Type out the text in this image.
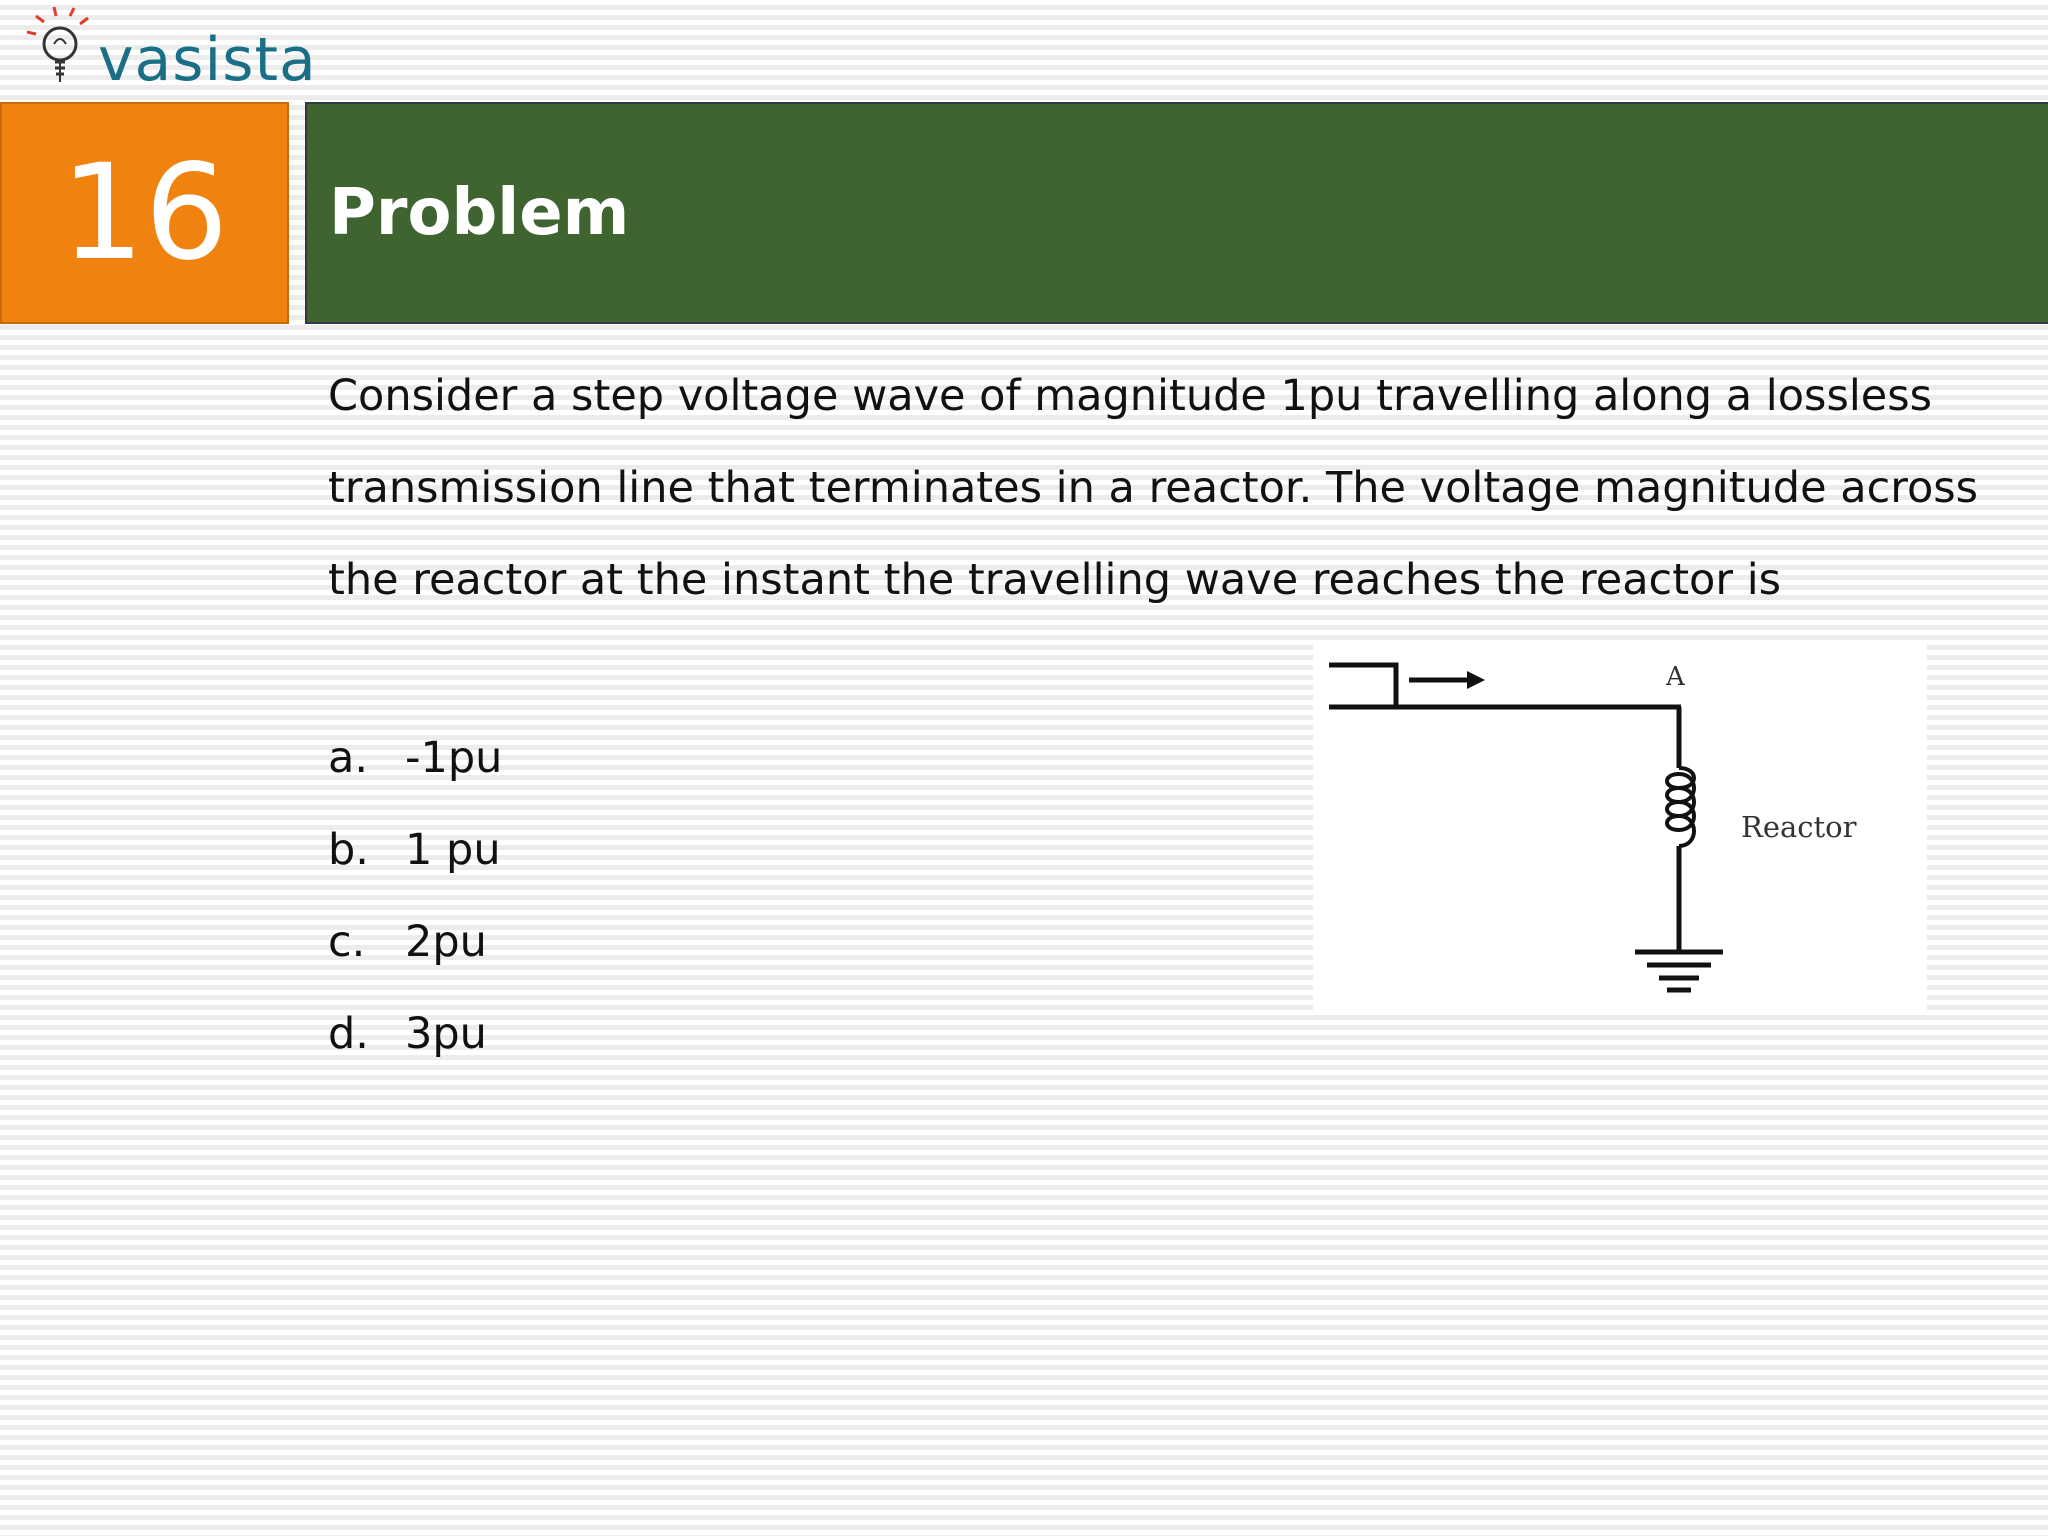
vasista
16 Problem
Consider a step voltage wave of magnitude 1pu travelling along a lossless transmission line that terminates in a reactor. The voltage magnitude across the reactor at the instant the travelling wave reaches the reactor is
a. -1pu
b. 1 pu
c. 2pu
d. 3pu
A
Reactor
